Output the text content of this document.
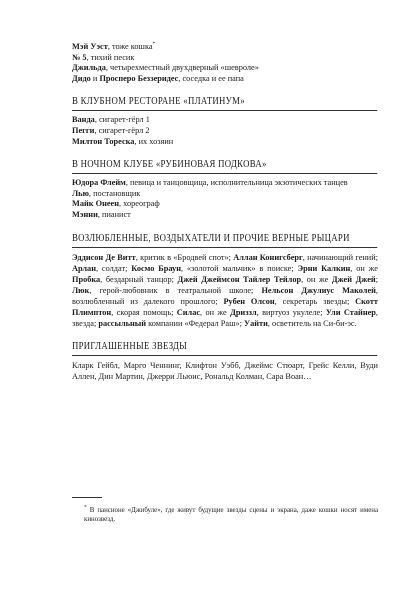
Мэй Уэст, тоже кошка*

№ 5, тихий песик

Джильда, четырехместный двухдверный «шевроле»

Дидо и Просперо Беззеридес, соседка и ее папа

В КЛУБНОМ РЕСТОРАНЕ «ПЛАТИНУМ»

Ванда, сигарет-гёрл 1

Пегги, сигарет-гёрл 2

Милтон Тореска, их хозяин

В НОЧНОМ КЛУБЕ «РУБИНОВАЯ ПОДКОВА»

Юдора Флейм, певица и танцовщица, исполнительница экзотических танцев

Лью, постановщик

Майк Онеен, хореограф

Мэнни, пианист

ВОЗЛЮБЛЕННЫЕ, ВОЗДЫХАТЕЛИ И ПРОЧИЕ ВЕРНЫЕ РЫЦАРИ

Эддисон Де Витт, критик в «Бродвей спот»; Аллан Конигсберг, начинающий гений; Арлан, солдат; Космо Браун, «золотой мальчик» в поиске; Эрни Калкин, он же Пробка, бездарный танцор; Джей Джеймсон Тайлер Тейлор, он же Джей Джей; Люк, герой-любовник в театральной школе; Нельсон Джулиус Маколей, возлюбленный из далекого прошлого; Рубен Олсон, секретарь звезды; Скотт Плимптон, скорая помощь; Силас, он же Дриззл, виртуоз укулеле; Ули Стайнер, звезда; рассыльный компании «Федерал Раш»; Уайти, осветитель на Си-би-эс.

ПРИГЛАШЕННЫЕ ЗВЕЗДЫ

Кларк Гейбл, Марго Ченнинг, Клифтон Уэбб, Джеймс Стюарт, Грейс Келли, Вуди Аллен, Дин Мартин, Джерри Льюис, Рональд Колман, Сара Воан…

* В пансионе «Джибуле», где живут будущие звезды сцены и экрана, даже кошки носят имена кинозвезд.
